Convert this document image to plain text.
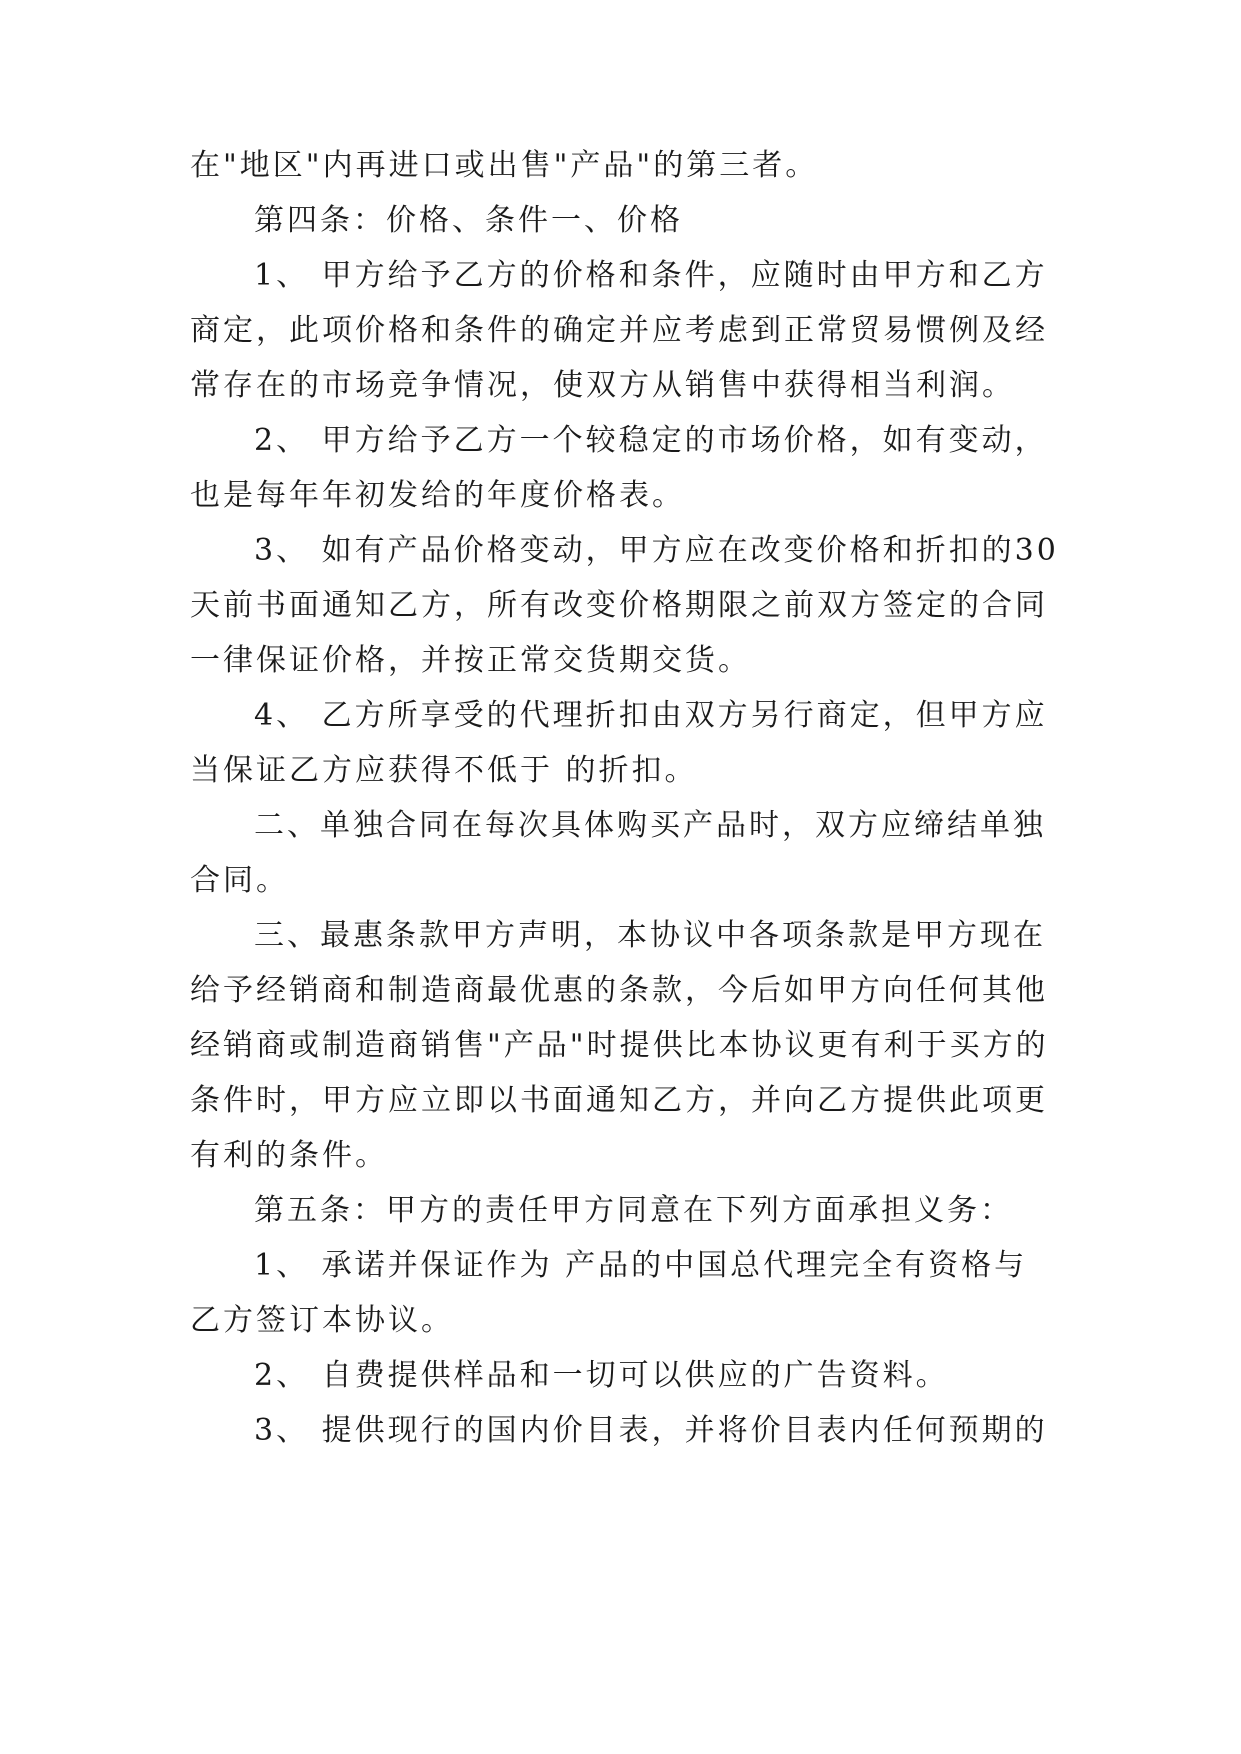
在"地区"内再进口或出售"产品"的第三者。
第四条：价格、条件一、价格
1、 甲方给予乙方的价格和条件，应随时由甲方和乙方
商定，此项价格和条件的确定并应考虑到正常贸易惯例及经
常存在的市场竞争情况，使双方从销售中获得相当利润。
2、 甲方给予乙方一个较稳定的市场价格，如有变动，
也是每年年初发给的年度价格表。
3、 如有产品价格变动，甲方应在改变价格和折扣的30
天前书面通知乙方，所有改变价格期限之前双方签定的合同
一律保证价格，并按正常交货期交货。
4、 乙方所享受的代理折扣由双方另行商定，但甲方应
当保证乙方应获得不低于 的折扣。
二、单独合同在每次具体购买产品时，双方应缔结单独
合同。
三、最惠条款甲方声明，本协议中各项条款是甲方现在
给予经销商和制造商最优惠的条款，今后如甲方向任何其他
经销商或制造商销售"产品"时提供比本协议更有利于买方的
条件时，甲方应立即以书面通知乙方，并向乙方提供此项更
有利的条件。
第五条：甲方的责任甲方同意在下列方面承担义务：
1、 承诺并保证作为 产品的中国总代理完全有资格与
乙方签订本协议。
2、 自费提供样品和一切可以供应的广告资料。
3、 提供现行的国内价目表，并将价目表内任何预期的
